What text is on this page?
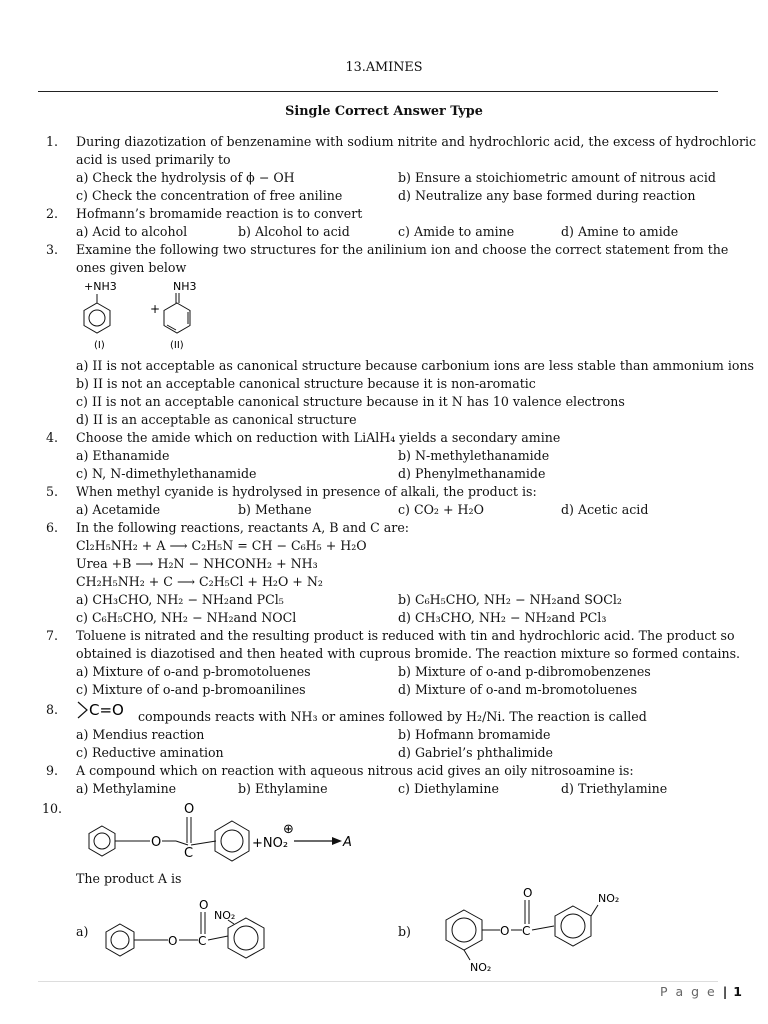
13.AMINES
Single Correct Answer Type
1. During diazotization of benzenamine with sodium nitrite and hydrochloric acid, the excess of hydrochloric
acid is used primarily to
a) Check the hydrolysis of ϕ − OH	b) Ensure a stoichiometric amount of nitrous acid
c) Check the concentration of free aniline	d) Neutralize any base formed during reaction
2. Hofmann’s bromamide reaction is to convert
a) Acid to alcohol	b) Alcohol to acid	c) Amide to amine	d) Amine to amide
3. Examine the following two structures for the anilinium ion and choose the correct statement from the
ones given below
+NH3
(I)
NH3
+
(II)
a) II is not acceptable as canonical structure because carbonium ions are less stable than ammonium ions
b) II is not an acceptable canonical structure because it is non-aromatic
c) II is not an acceptable canonical structure because in it N has 10 valence electrons
d) II is an acceptable as canonical structure
4. Choose the amide which on reduction with LiAlH₄ yields a secondary amine
a) Ethanamide	b) N-methylethanamide
c) N, N-dimethylethanamide	d) Phenylmethanamide
5. When methyl cyanide is hydrolysed in presence of alkali, the product is:
a) Acetamide	b) Methane	c) CO₂ + H₂O	d) Acetic acid
6. In the following reactions, reactants A, B and C are:
Cl₂H₅NH₂ + A ⟶ C₂H₅N = CH − C₆H₅ + H₂O
Urea +B ⟶ H₂N − NHCONH₂ + NH₃
CH₂H₅NH₂ + C ⟶ C₂H₅Cl + H₂O + N₂
a) CH₃CHO, NH₂ − NH₂and PCl₅	b) C₆H₅CHO, NH₂ − NH₂and SOCl₂
c) C₆H₅CHO, NH₂ − NH₂and NOCl	d) CH₃CHO, NH₂ − NH₂and PCl₃
7. Toluene is nitrated and the resulting product is reduced with tin and hydrochloric acid. The product so
obtained is diazotised and then heated with cuprous bromide. The reaction mixture so formed contains.
a) Mixture of o-and p-bromotoluenes	b) Mixture of o-and p-dibromobenzenes
c) Mixture of o-and p-bromoanilines	d) Mixture of o-and m-bromotoluenes
8. C=O compounds reacts with NH₃ or amines followed by H₂/Ni. The reaction is called
a) Mendius reaction	b) Hofmann bromamide
c) Reductive amination	d) Gabriel’s phthalimide
9. A compound which on reaction with aqueous nitrous acid gives an oily nitrosoamine is:
a) Methylamine	b) Ethylamine	c) Diethylamine	d) Triethylamine
10.
O
C
O
+NO₂
⊕
A
The product A is
a)
O C
O
NO₂
b)
NO₂
O C
O	NO₂
P a g e | 1
